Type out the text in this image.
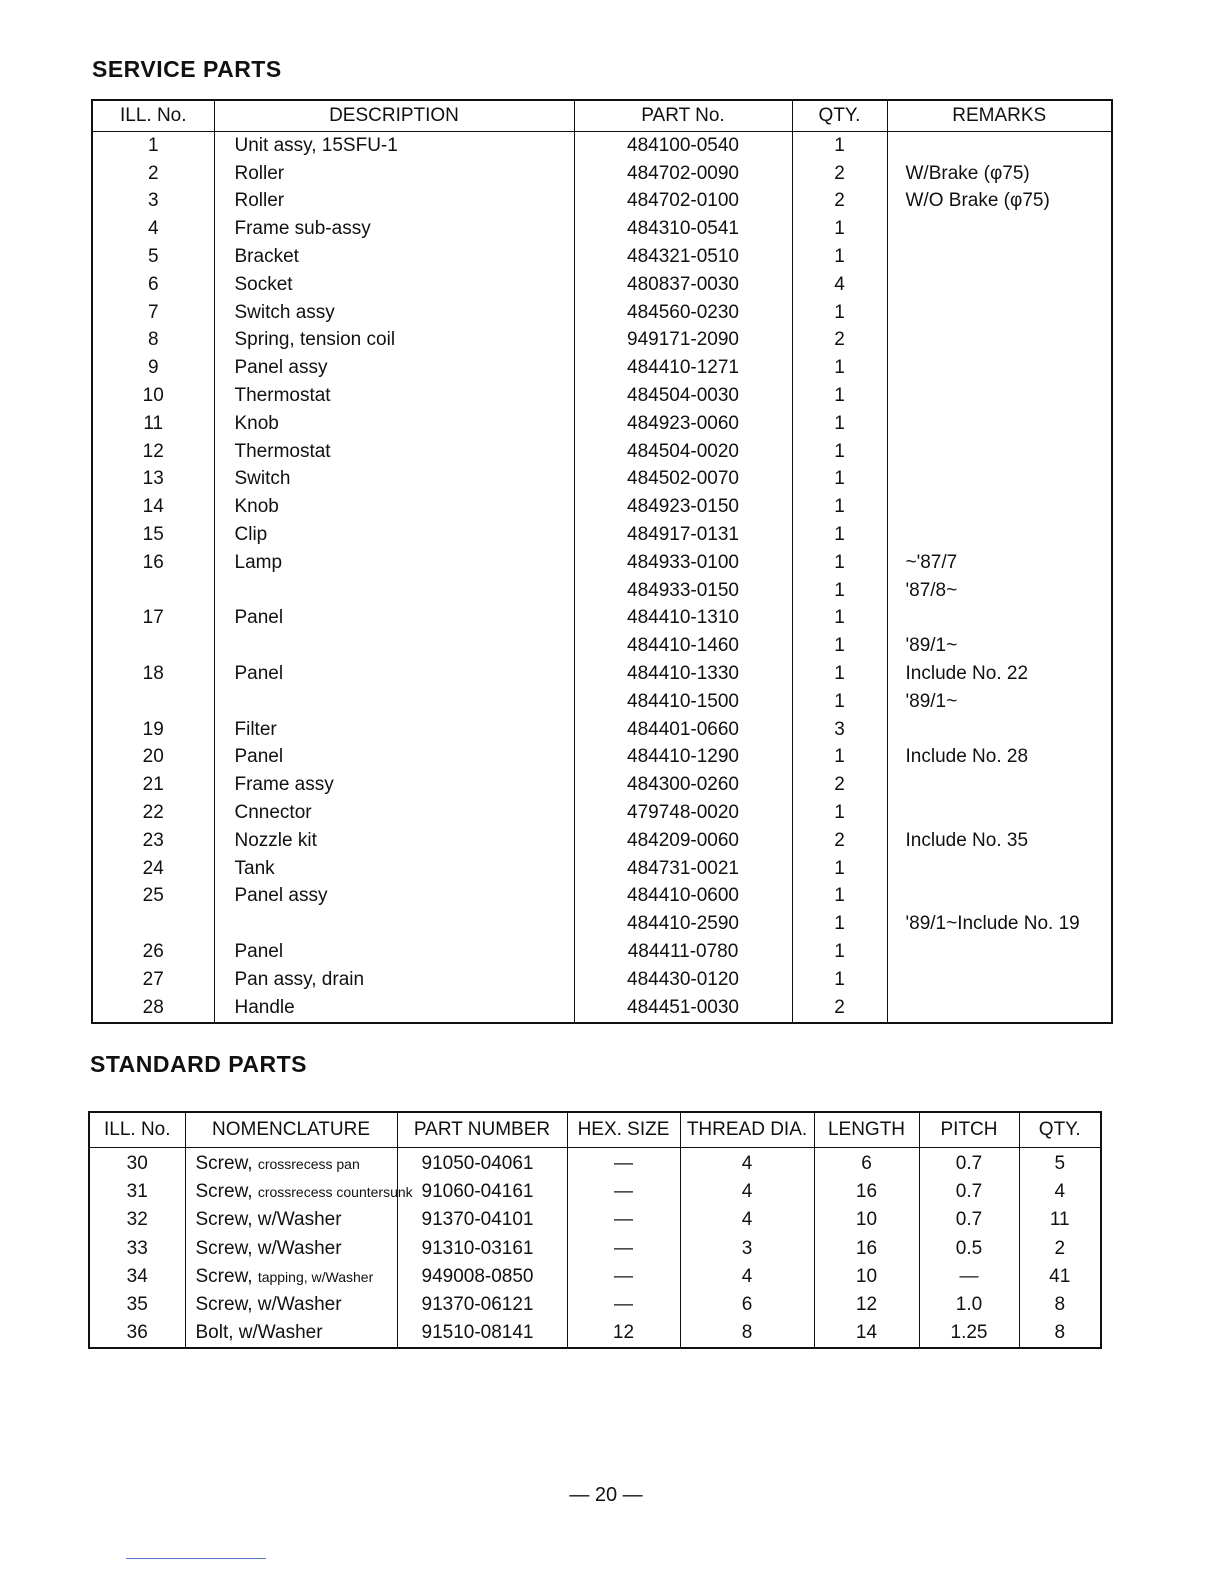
SERVICE PARTS
ILL. No.	DESCRIPTION	PART No.	QTY.	REMARKS
1	Unit assy, 15SFU-1	484100-0540	1	
2	Roller	484702-0090	2	W/Brake (φ75)
3	Roller	484702-0100	2	W/O Brake (φ75)
4	Frame sub-assy	484310-0541	1	
5	Bracket	484321-0510	1	
6	Socket	480837-0030	4	
7	Switch assy	484560-0230	1	
8	Spring, tension coil	949171-2090	2	
9	Panel assy	484410-1271	1	
10	Thermostat	484504-0030	1	
11	Knob	484923-0060	1	
12	Thermostat	484504-0020	1	
13	Switch	484502-0070	1	
14	Knob	484923-0150	1	
15	Clip	484917-0131	1	
16	Lamp	484933-0100	1	~'87/7
		484933-0150	1	'87/8~
17	Panel	484410-1310	1	
		484410-1460	1	'89/1~
18	Panel	484410-1330	1	Include No. 22
		484410-1500	1	'89/1~
19	Filter	484401-0660	3	
20	Panel	484410-1290	1	Include No. 28
21	Frame assy	484300-0260	2	
22	Cnnector	479748-0020	1	
23	Nozzle kit	484209-0060	2	Include No. 35
24	Tank	484731-0021	1	
25	Panel assy	484410-0600	1	
		484410-2590	1	'89/1~Include No. 19
26	Panel	484411-0780	1	
27	Pan assy, drain	484430-0120	1	
28	Handle	484451-0030	2	
STANDARD PARTS
ILL. No.	NOMENCLATURE	PART NUMBER	HEX. SIZE	THREAD DIA.	LENGTH	PITCH	QTY.
30	Screw, crossrecess pan	91050-04061	—	4	6	0.7	5
31	Screw, crossrecess countersunk	91060-04161	—	4	16	0.7	4
32	Screw, w/Washer	91370-04101	—	4	10	0.7	11
33	Screw, w/Washer	91310-03161	—	3	16	0.5	2
34	Screw, tapping, w/Washer	949008-0850	—	4	10	—	41
35	Screw, w/Washer	91370-06121	—	6	12	1.0	8
36	Bolt, w/Washer	91510-08141	12	8	14	1.25	8
— 20 —
